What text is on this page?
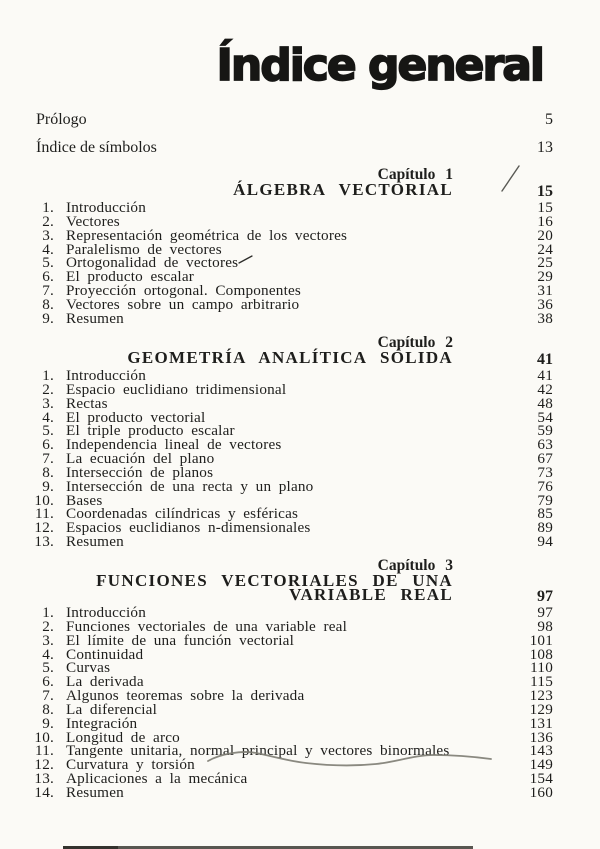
Índice general
Prólogo	5
Índice de símbolos	13
Capítulo 1
ÁLGEBRA VECTORIAL	15
1. Introducción	15
2. Vectores	16
3. Representación geométrica de los vectores	20
4. Paralelismo de vectores	24
5. Ortogonalidad de vectores	25
6. El producto escalar	29
7. Proyección ortogonal. Componentes	31
8. Vectores sobre un campo arbitrario	36
9. Resumen	38
Capítulo 2
GEOMETRÍA ANALÍTICA SÓLIDA	41
1. Introducción	41
2. Espacio euclidiano tridimensional	42
3. Rectas	48
4. El producto vectorial	54
5. El triple producto escalar	59
6. Independencia lineal de vectores	63
7. La ecuación del plano	67
8. Intersección de planos	73
9. Intersección de una recta y un plano	76
10. Bases	79
11. Coordenadas cilíndricas y esféricas	85
12. Espacios euclidianos n-dimensionales	89
13. Resumen	94
Capítulo 3
FUNCIONES VECTORIALES DE UNA
VARIABLE REAL	97
1. Introducción	97
2. Funciones vectoriales de una variable real	98
3. El límite de una función vectorial	101
4. Continuidad	108
5. Curvas	110
6. La derivada	115
7. Algunos teoremas sobre la derivada	123
8. La diferencial	129
9. Integración	131
10. Longitud de arco	136
11. Tangente unitaria, normal principal y vectores binormales	143
12. Curvatura y torsión	149
13. Aplicaciones a la mecánica	154
14. Resumen	160
